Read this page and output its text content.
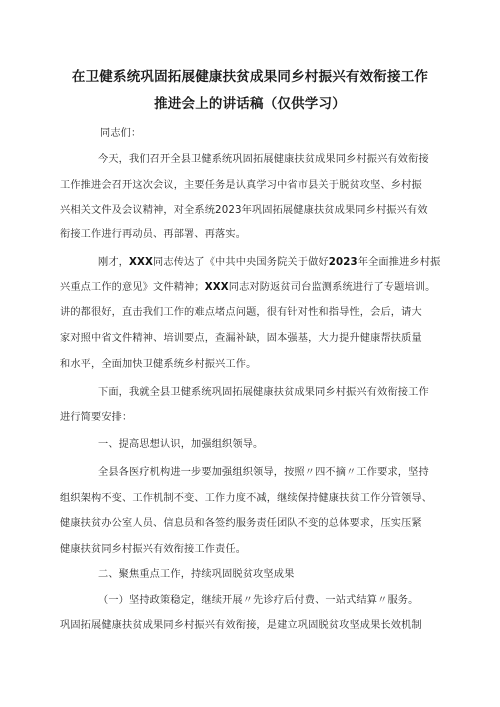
在卫健系统巩固拓展健康扶贫成果同乡村振兴有效衔接工作
推进会上的讲话稿（仅供学习）
同志们：
今天，我们召开全县卫健系统巩固拓展健康扶贫成果同乡村振兴有效衔接
工作推进会召开这次会议，主要任务是认真学习中省市县关于脱贫攻坚、乡村振
兴相关文件及会议精神，对全系统2023年巩固拓展健康扶贫成果同乡村振兴有效
衔接工作进行再动员、再部署、再落实。
刚才，XXX同志传达了《中共中央国务院关于做好2023年全面推进乡村振
兴重点工作的意见》文件精神；XXX同志对防返贫司台监测系统进行了专题培训。
讲的都很好，直击我们工作的难点堵点问题，很有针对性和指导性，会后，请大
家对照中省文件精神、培训要点，查漏补缺，固本强基，大力提升健康帮扶质量
和水平，全面加快卫健系统乡村振兴工作。
下面，我就全县卫健系统巩固拓展健康扶贫成果同乡村振兴有效衔接工作
进行简要安排：
一、提高思想认识，加强组织领导。
全县各医疗机构进一步要加强组织领导，按照〃四不摘〃工作要求，坚持
组织架构不变、工作机制不变、工作力度不减，继续保持健康扶贫工作分管领导、
健康扶贫办公室人员、信息员和各签约服务责任团队不变的总体要求，压实压紧
健康扶贫同乡村振兴有效衔接工作责任。
二、聚焦重点工作，持续巩固脱贫攻坚成果
（一）坚持政策稳定，继续开展〃先诊疗后付费、一站式结算〃服务。
巩固拓展健康扶贫成果同乡村振兴有效衔接，是建立巩固脱贫攻坚成果长效机制
